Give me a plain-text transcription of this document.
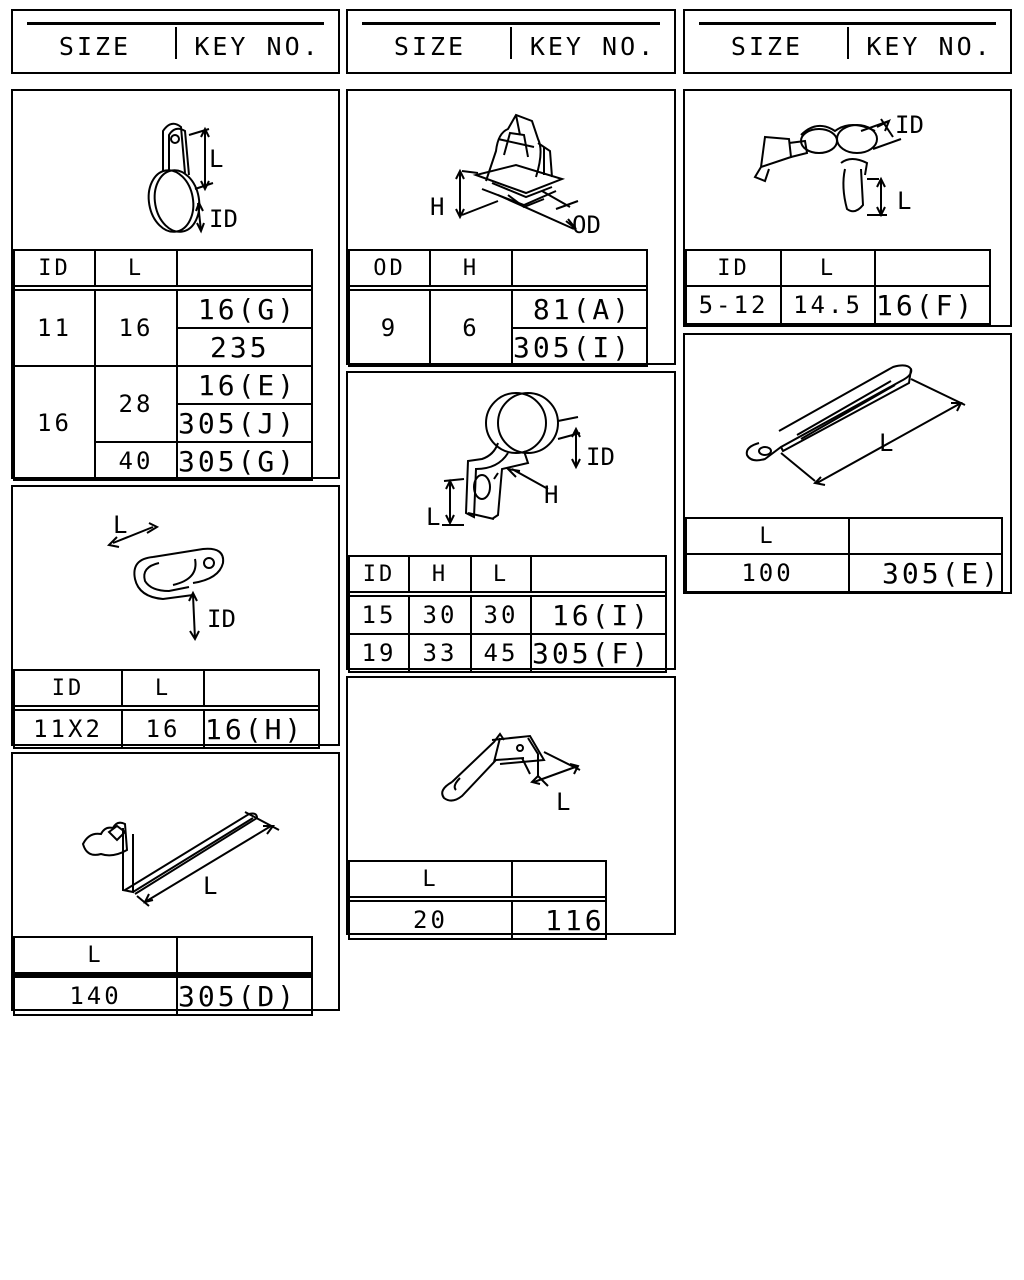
SIZE	KEY NO.	SIZE	KEY NO.	SIZE	KEY NO.
L
ID
ID	L	

11	16	16(G)
		235
16	28	16(E)
		305(J)
	40	305(G)
L
ID
ID	L	

11X2	16	16(H)
L
L	
140	305(D)
H
OD
OD	H	

9	6	81(A)
		305(I)
ID
H
L
ID	H	L	

15	30	30	16(I)
19	33	45	305(F)
L
L	

20	116
ID
L
ID	L	
5-12	14.5	16(F)
L
L	
100	305(E)
